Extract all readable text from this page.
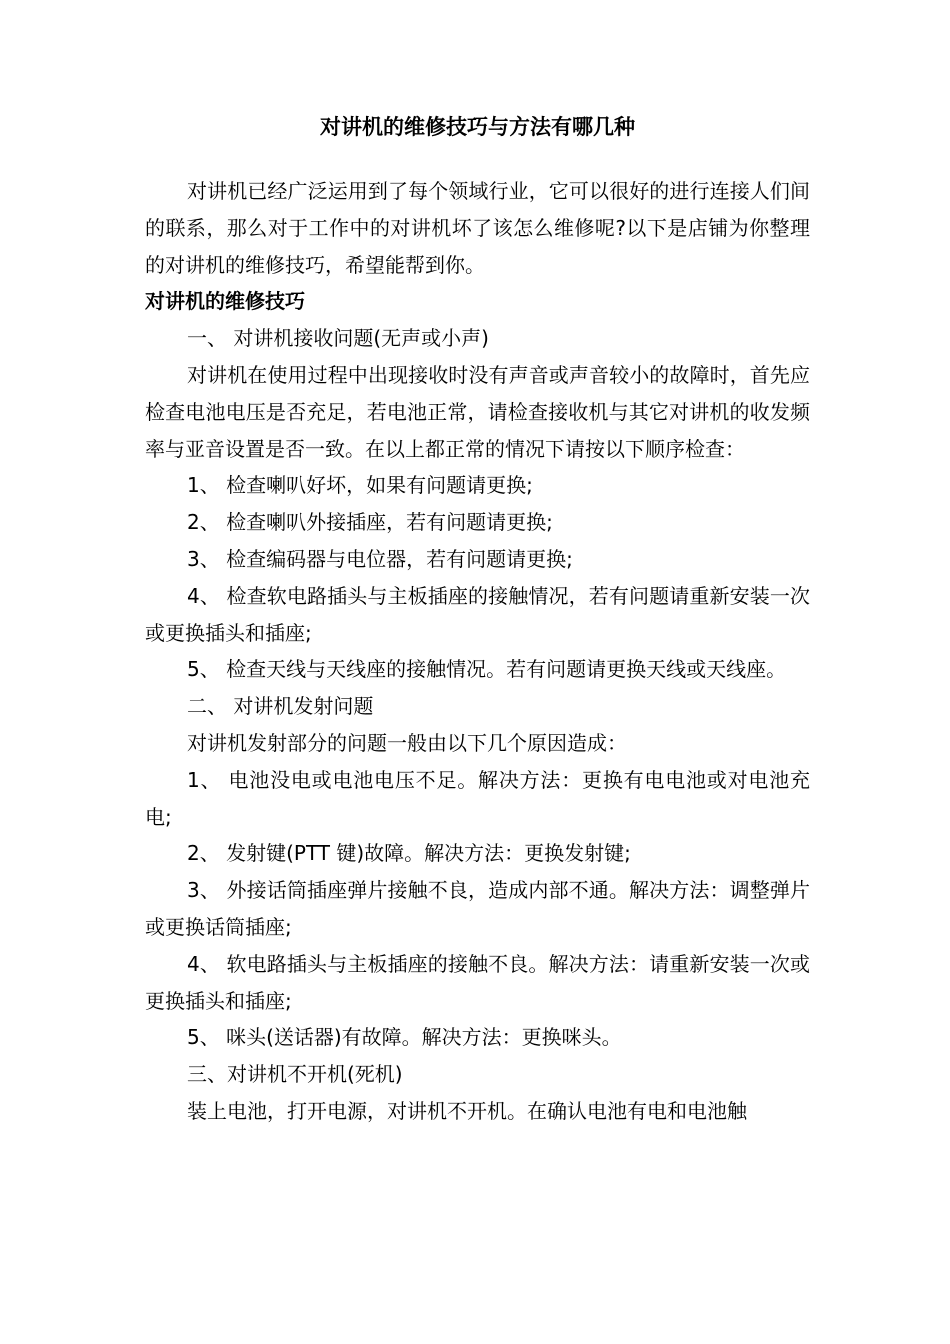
对讲机的维修技巧与方法有哪几种

对讲机已经广泛运用到了每个领域行业，它可以很好的进行连接人们间的联系，那么对于工作中的对讲机坏了该怎么维修呢?以下是店铺为你整理的对讲机的维修技巧，希望能帮到你。

对讲机的维修技巧

一、 对讲机接收问题(无声或小声)

对讲机在使用过程中出现接收时没有声音或声音较小的故障时，首先应检查电池电压是否充足，若电池正常，请检查接收机与其它对讲机的收发频率与亚音设置是否一致。在以上都正常的情况下请按以下顺序检查：

1、 检查喇叭好坏，如果有问题请更换;

2、 检查喇叭外接插座，若有问题请更换;

3、 检查编码器与电位器，若有问题请更换;

4、 检查软电路插头与主板插座的接触情况，若有问题请重新安装一次或更换插头和插座;

5、 检查天线与天线座的接触情况。若有问题请更换天线或天线座。

二、 对讲机发射问题

对讲机发射部分的问题一般由以下几个原因造成：

1、 电池没电或电池电压不足。解决方法：更换有电电池或对电池充电;

2、 发射键(PTT 键)故障。解决方法：更换发射键;

3、 外接话筒插座弹片接触不良，造成内部不通。解决方法：调整弹片或更换话筒插座;

4、 软电路插头与主板插座的接触不良。解决方法：请重新安装一次或更换插头和插座;

5、 咪头(送话器)有故障。解决方法：更换咪头。

三、对讲机不开机(死机)

装上电池，打开电源，对讲机不开机。在确认电池有电和电池触
